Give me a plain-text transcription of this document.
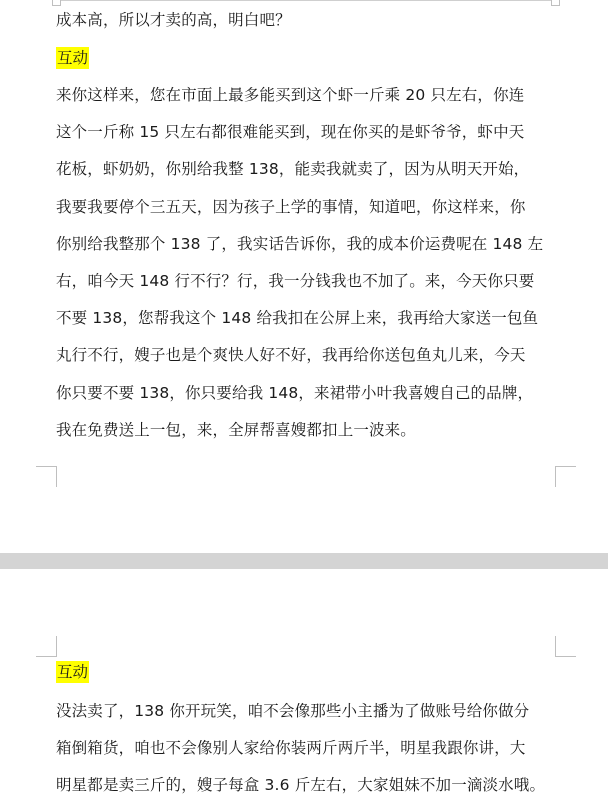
成本高，所以才卖的高，明白吧？
互动
来你这样来，您在市面上最多能买到这个虾一斤乘 20 只左右，你连
这个一斤称 15 只左右都很难能买到，现在你买的是虾爷爷，虾中天
花板，虾奶奶，你别给我整 138，能卖我就卖了，因为从明天开始，
我要我要停个三五天，因为孩子上学的事情，知道吧，你这样来，你
你别给我整那个 138 了，我实话告诉你，我的成本价运费呢在 148 左
右，咱今天 148 行不行？行，我一分钱我也不加了。来，今天你只要
不要 138，您帮我这个 148 给我扣在公屏上来，我再给大家送一包鱼
丸行不行，嫂子也是个爽快人好不好，我再给你送包鱼丸儿来，今天
你只要不要 138，你只要给我 148，来裙带小叶我喜嫂自己的品牌，
我在免费送上一包，来，全屏帮喜嫂都扣上一波来。
互动
没法卖了，138 你开玩笑，咱不会像那些小主播为了做账号给你做分
箱倒箱货，咱也不会像别人家给你装两斤两斤半，明星我跟你讲，大
明星都是卖三斤的，嫂子每盒 3.6 斤左右，大家姐妹不加一滴淡水哦。
